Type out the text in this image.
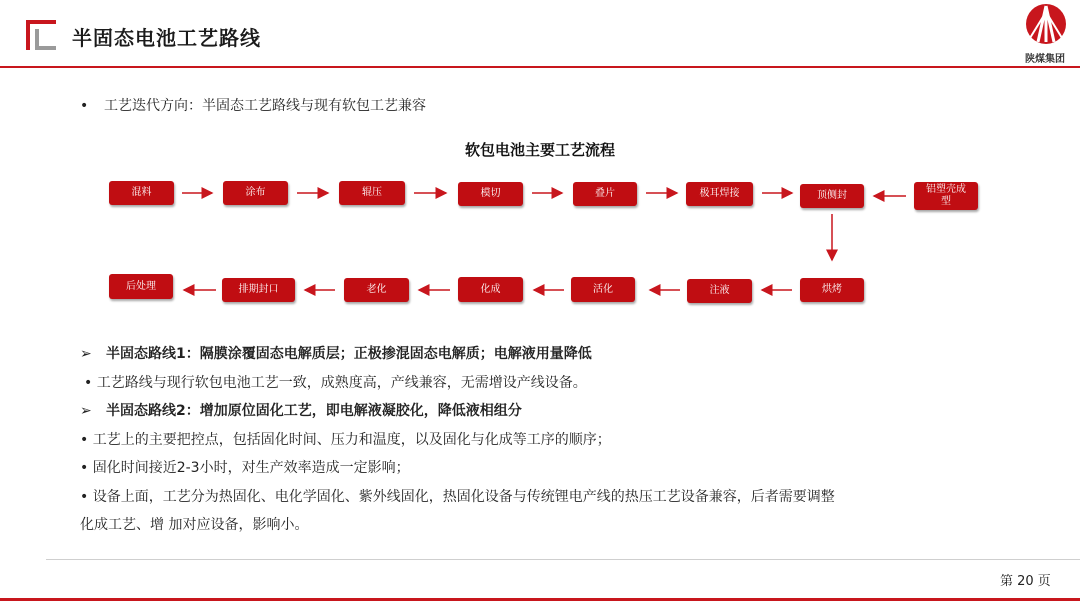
半固态电池工艺路线
陕煤集团
• 工艺迭代方向：半固态工艺路线与现有软包工艺兼容
软包电池主要工艺流程
混料	涂布	辊压	模切	叠片	极耳焊接	顶侧封
铝塑壳成型
烘烤
注液
活化
化成
老化
排期封口
后处理
➢ 半固态路线1：隔膜涂覆固态电解质层；正极掺混固态电解质；电解液用量降低
• 工艺路线与现行软包电池工艺一致，成熟度高，产线兼容，无需增设产线设备。
➢ 半固态路线2：增加原位固化工艺，即电解液凝胶化，降低液相组分
• 工艺上的主要把控点，包括固化时间、压力和温度，以及固化与化成等工序的顺序；
• 固化时间接近2-3小时，对生产效率造成一定影响；
• 设备上面，工艺分为热固化、电化学固化、紫外线固化，热固化设备与传统锂电产线的热压工艺设备兼容，后者需要调整
化成工艺、增 加对应设备，影响小。
第 20 页
